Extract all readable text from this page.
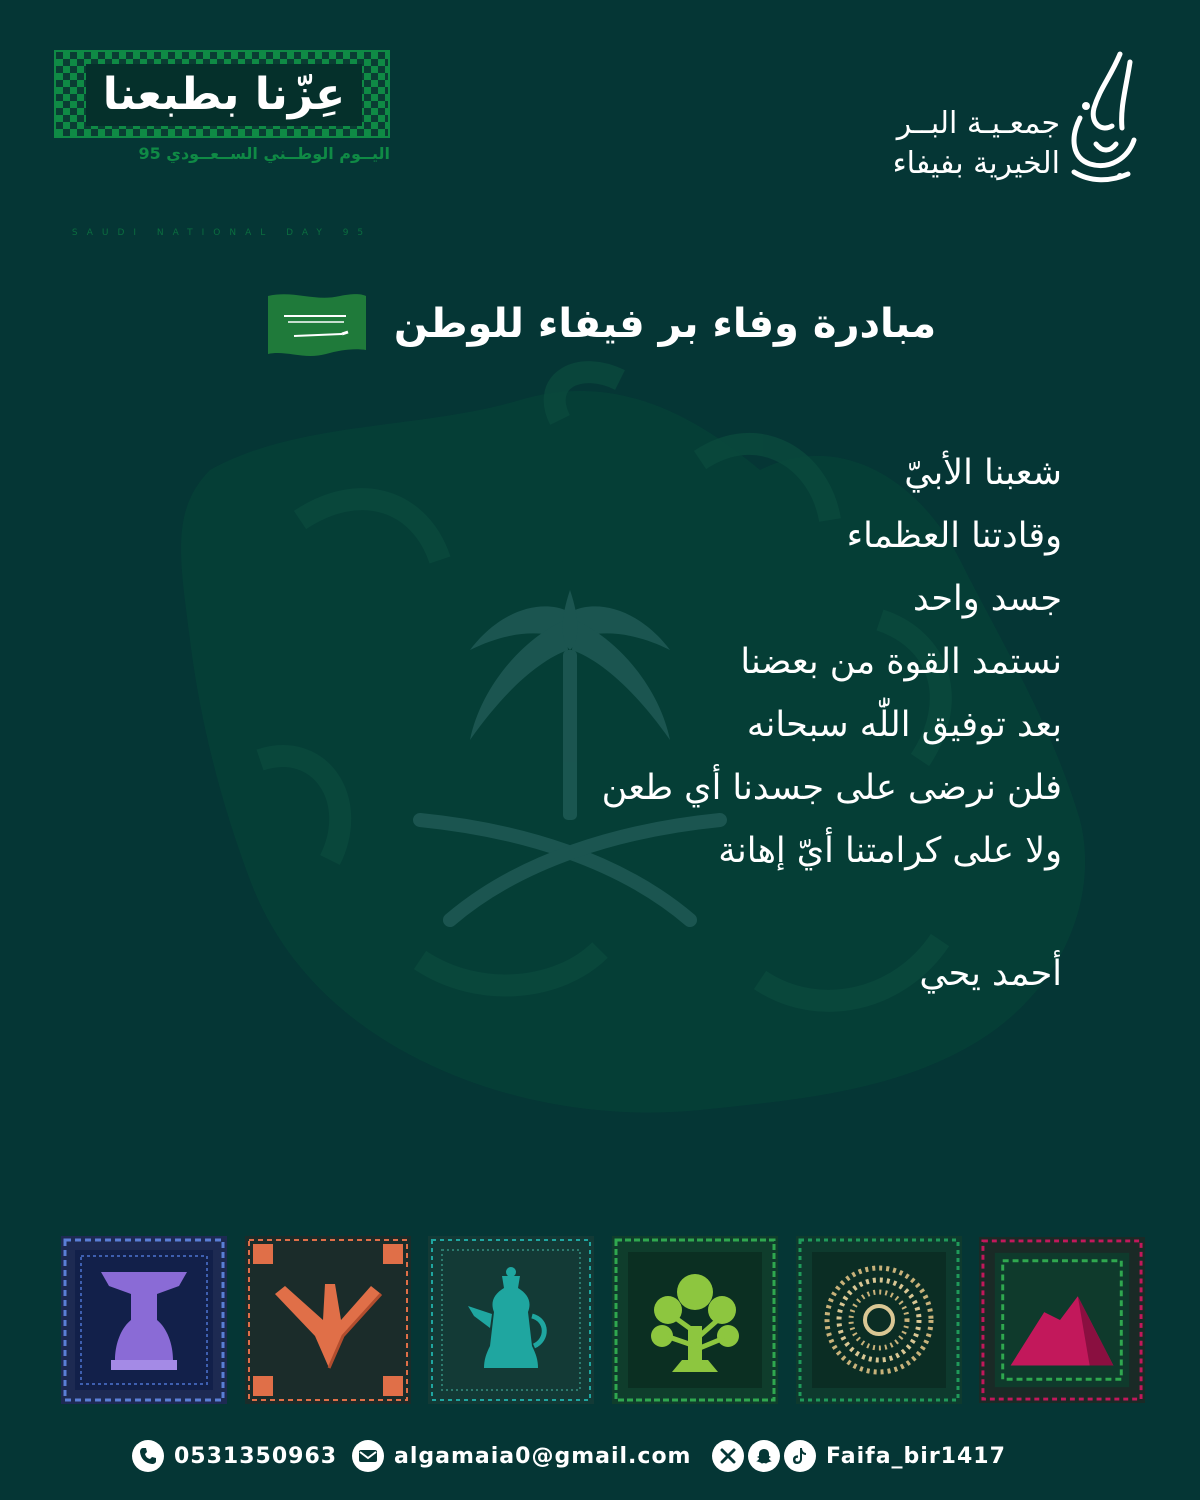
عِزّنا بطبعنا
اليــوم الوطــني الســعــودي 95
SAUDI NATIONAL DAY 95
جمعـيـة البــر
الخيرية بفيفاء
مبادرة وفاء بر فيفاء للوطن
شعبنا الأبيّ
وقادتنا العظماء
جسد واحد
نستمد القوة من بعضنا
بعد توفيق اللّٰه سبحانه
فلن نرضى على جسدنا أي طعن
ولا على كرامتنا أيّ إهانة
أحمد يحي
0531350963	algamaia0@gmail.com	Faifa_bir1417
